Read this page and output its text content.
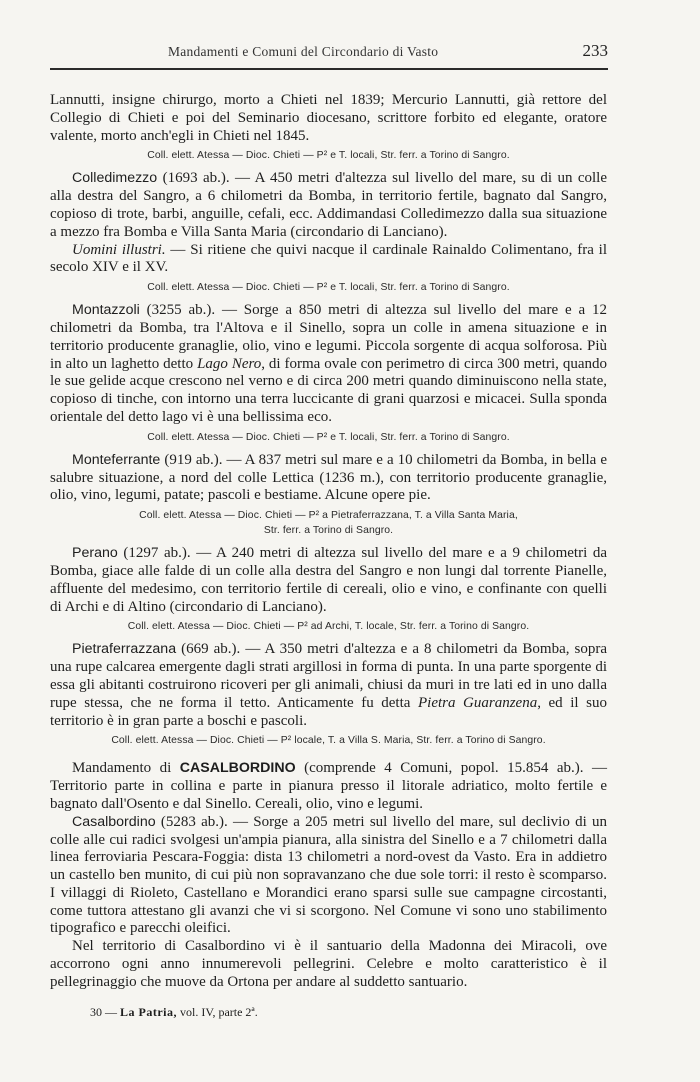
Mandamenti e Comuni del Circondario di Vasto	233

Lannutti, insigne chirurgo, morto a Chieti nel 1839; Mercurio Lannutti, già rettore del Collegio di Chieti e poi del Seminario diocesano, scrittore forbito ed elegante, oratore valente, morto anch'egli in Chieti nel 1845.

Coll. elett. Atessa — Dioc. Chieti — P² e T. locali, Str. ferr. a Torino di Sangro.

Colledimezzo (1693 ab.). — A 450 metri d'altezza sul livello del mare, su di un colle alla destra del Sangro, a 6 chilometri da Bomba, in territorio fertile, bagnato dal Sangro, copioso di trote, barbi, anguille, cefali, ecc. Addimandasi Colledimezzo dalla sua situazione a mezzo fra Bomba e Villa Santa Maria (circondario di Lanciano).

Uomini illustri. — Si ritiene che quivi nacque il cardinale Rainaldo Colimentano, fra il secolo XIV e il XV.

Coll. elett. Atessa — Dioc. Chieti — P² e T. locali, Str. ferr. a Torino di Sangro.

Montazzoli (3255 ab.). — Sorge a 850 metri di altezza sul livello del mare e a 12 chilometri da Bomba, tra l'Altova e il Sinello, sopra un colle in amena situazione e in territorio producente granaglie, olio, vino e legumi. Piccola sorgente di acqua solforosa. Più in alto un laghetto detto Lago Nero, di forma ovale con perimetro di circa 300 metri, quando le sue gelide acque crescono nel verno e di circa 200 metri quando diminuiscono nella state, copioso di tinche, con intorno una terra luccicante di grani quarzosi e micacei. Sulla sponda orientale del detto lago vi è una bellissima eco.

Coll. elett. Atessa — Dioc. Chieti — P² e T. locali, Str. ferr. a Torino di Sangro.

Monteferrante (919 ab.). — A 837 metri sul mare e a 10 chilometri da Bomba, in bella e salubre situazione, a nord del colle Lettica (1236 m.), con territorio producente granaglie, olio, vino, legumi, patate; pascoli e bestiame. Alcune opere pie.

Coll. elett. Atessa — Dioc. Chieti — P² a Pietraferrazzana, T. a Villa Santa Maria,
Str. ferr. a Torino di Sangro.

Perano (1297 ab.). — A 240 metri di altezza sul livello del mare e a 9 chilometri da Bomba, giace alle falde di un colle alla destra del Sangro e non lungi dal torrente Pianelle, affluente del medesimo, con territorio fertile di cereali, olio e vino, e confinante con quelli di Archi e di Altino (circondario di Lanciano).

Coll. elett. Atessa — Dioc. Chieti — P² ad Archi, T. locale, Str. ferr. a Torino di Sangro.

Pietraferrazzana (669 ab.). — A 350 metri d'altezza e a 8 chilometri da Bomba, sopra una rupe calcarea emergente dagli strati argillosi in forma di punta. In una parte sporgente di essa gli abitanti costruirono ricoveri per gli animali, chiusi da muri in tre lati ed in uno dalla rupe stessa, che ne forma il tetto. Anticamente fu detta Pietra Guaranzena, ed il suo territorio è in gran parte a boschi e pascoli.

Coll. elett. Atessa — Dioc. Chieti — P² locale, T. a Villa S. Maria, Str. ferr. a Torino di Sangro.

Mandamento di CASALBORDINO (comprende 4 Comuni, popol. 15.854 ab.). — Territorio parte in collina e parte in pianura presso il litorale adriatico, molto fertile e bagnato dall'Osento e dal Sinello. Cereali, olio, vino e legumi.

Casalbordino (5283 ab.). — Sorge a 205 metri sul livello del mare, sul declivio di un colle alle cui radici svolgesi un'ampia pianura, alla sinistra del Sinello e a 7 chilometri dalla linea ferroviaria Pescara-Foggia: dista 13 chilometri a nord-ovest da Vasto. Era in addietro un castello ben munito, di cui più non sopravanzano che due sole torri: il resto è scomparso. I villaggi di Rioleto, Castellano e Morandici erano sparsi sulle sue campagne circostanti, come tuttora attestano gli avanzi che vi si scorgono. Nel Comune vi sono uno stabilimento tipografico e parecchi oleifici.

Nel territorio di Casalbordino vi è il santuario della Madonna dei Miracoli, ove accorrono ogni anno innumerevoli pellegrini. Celebre e molto caratteristico è il pellegrinaggio che muove da Ortona per andare al suddetto santuario.

30 — La Patria, vol. IV, parte 2ª.
